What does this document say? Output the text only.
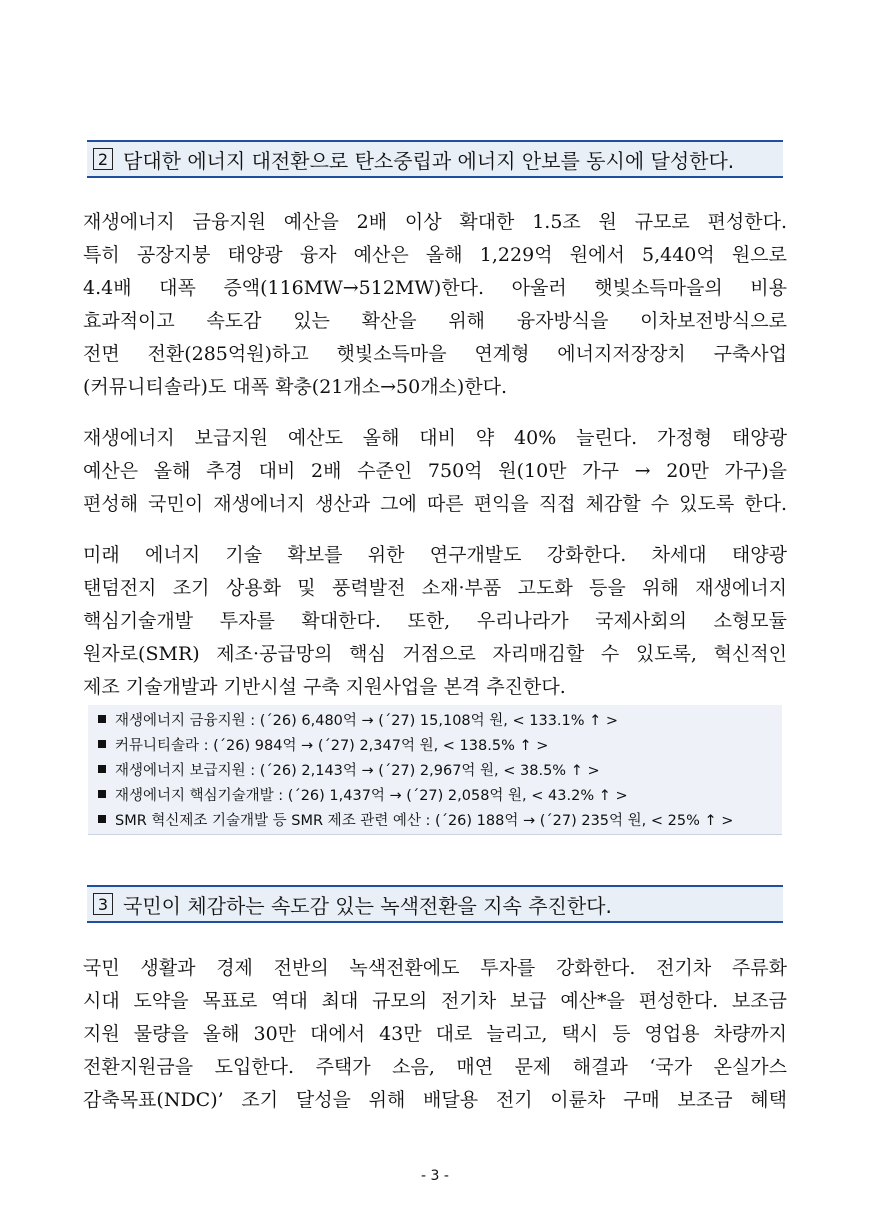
2 담대한 에너지 대전환으로 탄소중립과 에너지 안보를 동시에 달성한다.
재생에너지 금융지원 예산을 2배 이상 확대한 1.5조 원 규모로 편성한다.
특히 공장지붕 태양광 융자 예산은 올해 1,229억 원에서 5,440억 원으로
4.4배 대폭 증액(116MW→512MW)한다. 아울러 햇빛소득마을의 비용
효과적이고 속도감 있는 확산을 위해 융자방식을 이차보전방식으로
전면 전환(285억원)하고 햇빛소득마을 연계형 에너지저장장치 구축사업
(커뮤니티솔라)도 대폭 확충(21개소→50개소)한다.
재생에너지 보급지원 예산도 올해 대비 약 40% 늘린다. 가정형 태양광
예산은 올해 추경 대비 2배 수준인 750억 원(10만 가구 → 20만 가구)을
편성해 국민이 재생에너지 생산과 그에 따른 편익을 직접 체감할 수 있도록 한다.
미래 에너지 기술 확보를 위한 연구개발도 강화한다. 차세대 태양광
탠덤전지 조기 상용화 및 풍력발전 소재·부품 고도화 등을 위해 재생에너지
핵심기술개발 투자를 확대한다. 또한, 우리나라가 국제사회의 소형모듈
원자로(SMR) 제조·공급망의 핵심 거점으로 자리매김할 수 있도록, 혁신적인
제조 기술개발과 기반시설 구축 지원사업을 본격 추진한다.
재생에너지 금융지원 : (´26) 6,480억 → (´27) 15,108억 원, < 133.1% ↑ >
커뮤니티솔라 : (´26) 984억 → (´27) 2,347억 원, < 138.5% ↑ >
재생에너지 보급지원 : (´26) 2,143억 → (´27) 2,967억 원, < 38.5% ↑ >
재생에너지 핵심기술개발 : (´26) 1,437억 → (´27) 2,058억 원, < 43.2% ↑ >
SMR 혁신제조 기술개발 등 SMR 제조 관련 예산 : (´26) 188억 → (´27) 235억 원, < 25% ↑ >
3 국민이 체감하는 속도감 있는 녹색전환을 지속 추진한다.
국민 생활과 경제 전반의 녹색전환에도 투자를 강화한다. 전기차 주류화
시대 도약을 목표로 역대 최대 규모의 전기차 보급 예산*을 편성한다. 보조금
지원 물량을 올해 30만 대에서 43만 대로 늘리고, 택시 등 영업용 차량까지
전환지원금을 도입한다. 주택가 소음, 매연 문제 해결과 ‘국가 온실가스
감축목표(NDC)’ 조기 달성을 위해 배달용 전기 이륜차 구매 보조금 혜택
- 3 -
